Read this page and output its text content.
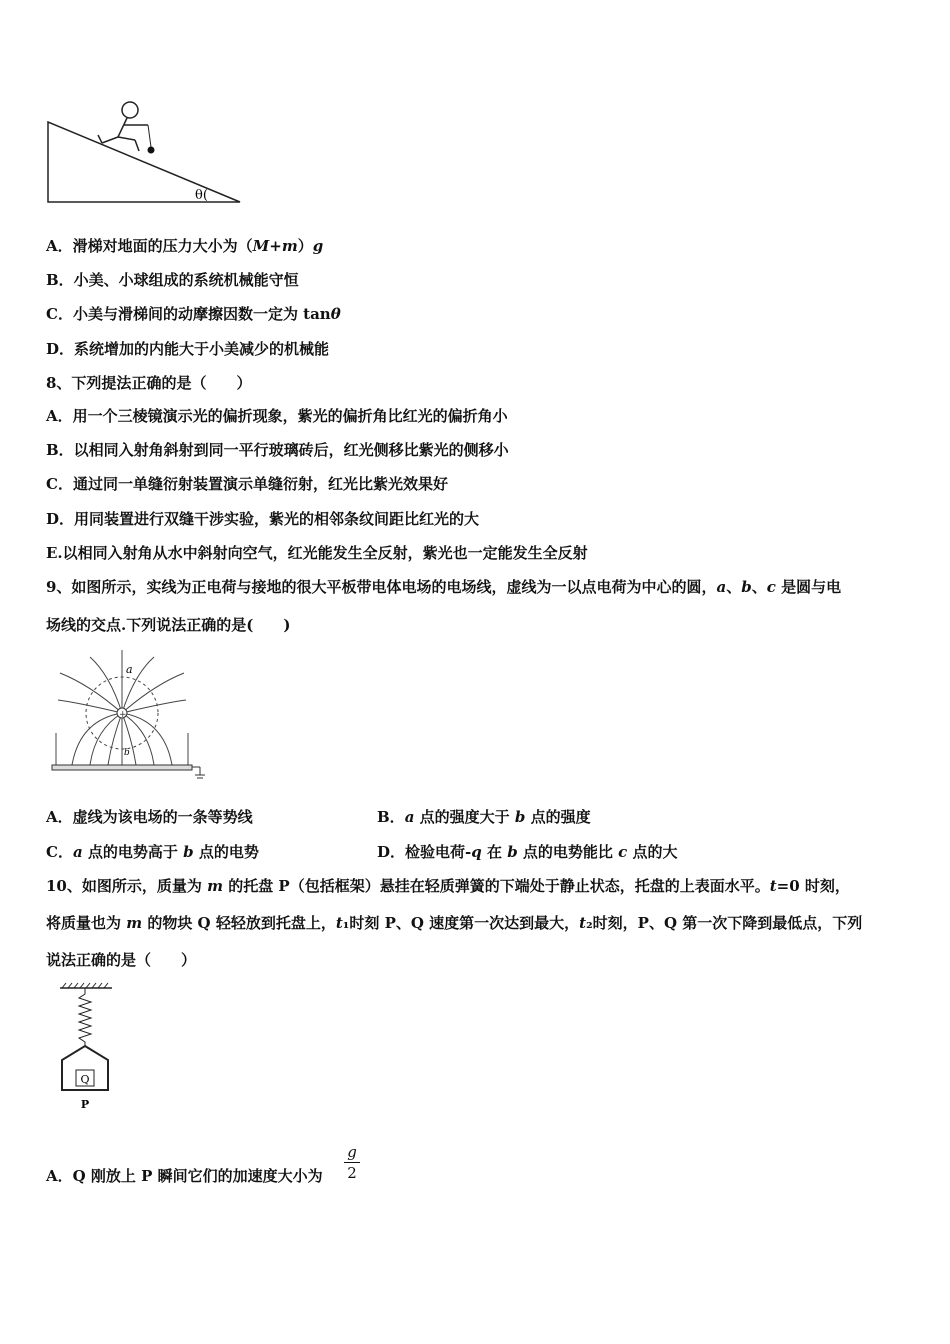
θ(
A．滑梯对地面的压力大小为（M+m）g
B．小美、小球组成的系统机械能守恒
C．小美与滑梯间的动摩擦因数一定为 tanθ
D．系统增加的内能大于小美减少的机械能
8、下列提法正确的是（　　）
A．用一个三棱镜演示光的偏折现象，紫光的偏折角比红光的偏折角小
B．以相同入射角斜射到同一平行玻璃砖后，红光侧移比紫光的侧移小
C．通过同一单缝衍射装置演示单缝衍射，红光比紫光效果好
D．用同装置进行双缝干涉实验，紫光的相邻条纹间距比红光的大
E.以相同入射角从水中斜射向空气，红光能发生全反射，紫光也一定能发生全反射
9、如图所示，实线为正电荷与接地的很大平板带电体电场的电场线，虚线为一以点电荷为中心的圆，a、b、c 是圆与电
场线的交点.下列说法正确的是(　　)
+
a
b
A．虚线为该电场的一条等势线	B．a 点的强度大于 b 点的强度
C．a 点的电势高于 b 点的电势	D．检验电荷-q 在 b 点的电势能比 c 点的大
10、如图所示，质量为 m 的托盘 P（包括框架）悬挂在轻质弹簧的下端处于静止状态，托盘的上表面水平。t=0 时刻，
将质量也为 m 的物块 Q 轻轻放到托盘上，t₁时刻 P、Q 速度第一次达到最大，t₂时刻，P、Q 第一次下降到最低点，下列
说法正确的是（　　）
Q
P
A．Q 刚放上 P 瞬间它们的加速度大小为
g
2
